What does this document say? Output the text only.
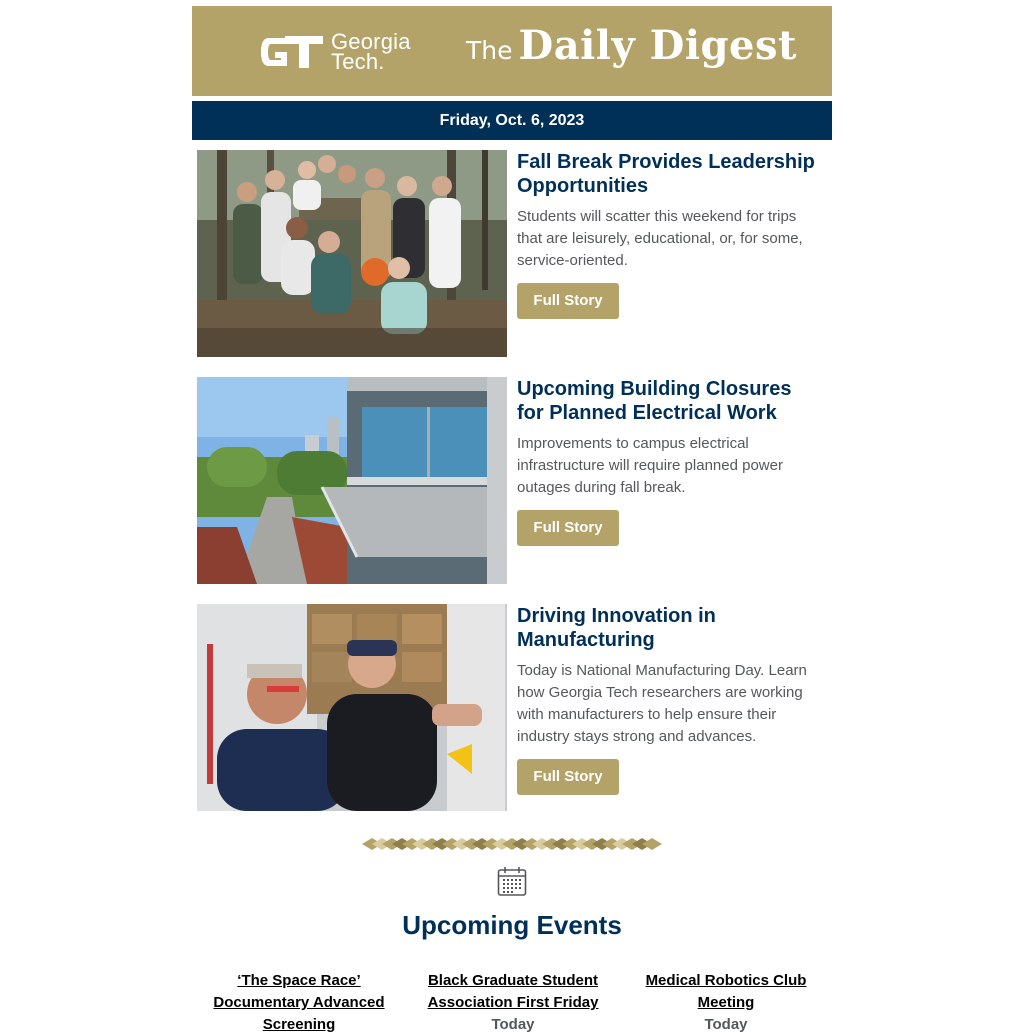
Georgia
Tech.	The Daily Digest
Friday, Oct. 6, 2023
Fall Break Provides Leadership Opportunities

Students will scatter this weekend for trips that are leisurely, educational, or, for some, service-oriented.

Full Story
Upcoming Building Closures for Planned Electrical Work

Improvements to campus electrical infrastructure will require planned power outages during fall break.

Full Story
Driving Innovation in Manufacturing

Today is National Manufacturing Day. Learn how Georgia Tech researchers are working with manufacturers to help ensure their industry stays strong and advances.

Full Story
Upcoming Events
‘The Space Race’ Documentary Advanced Screening
Black Graduate Student Association First Friday
Today
Medical Robotics Club Meeting
Today
